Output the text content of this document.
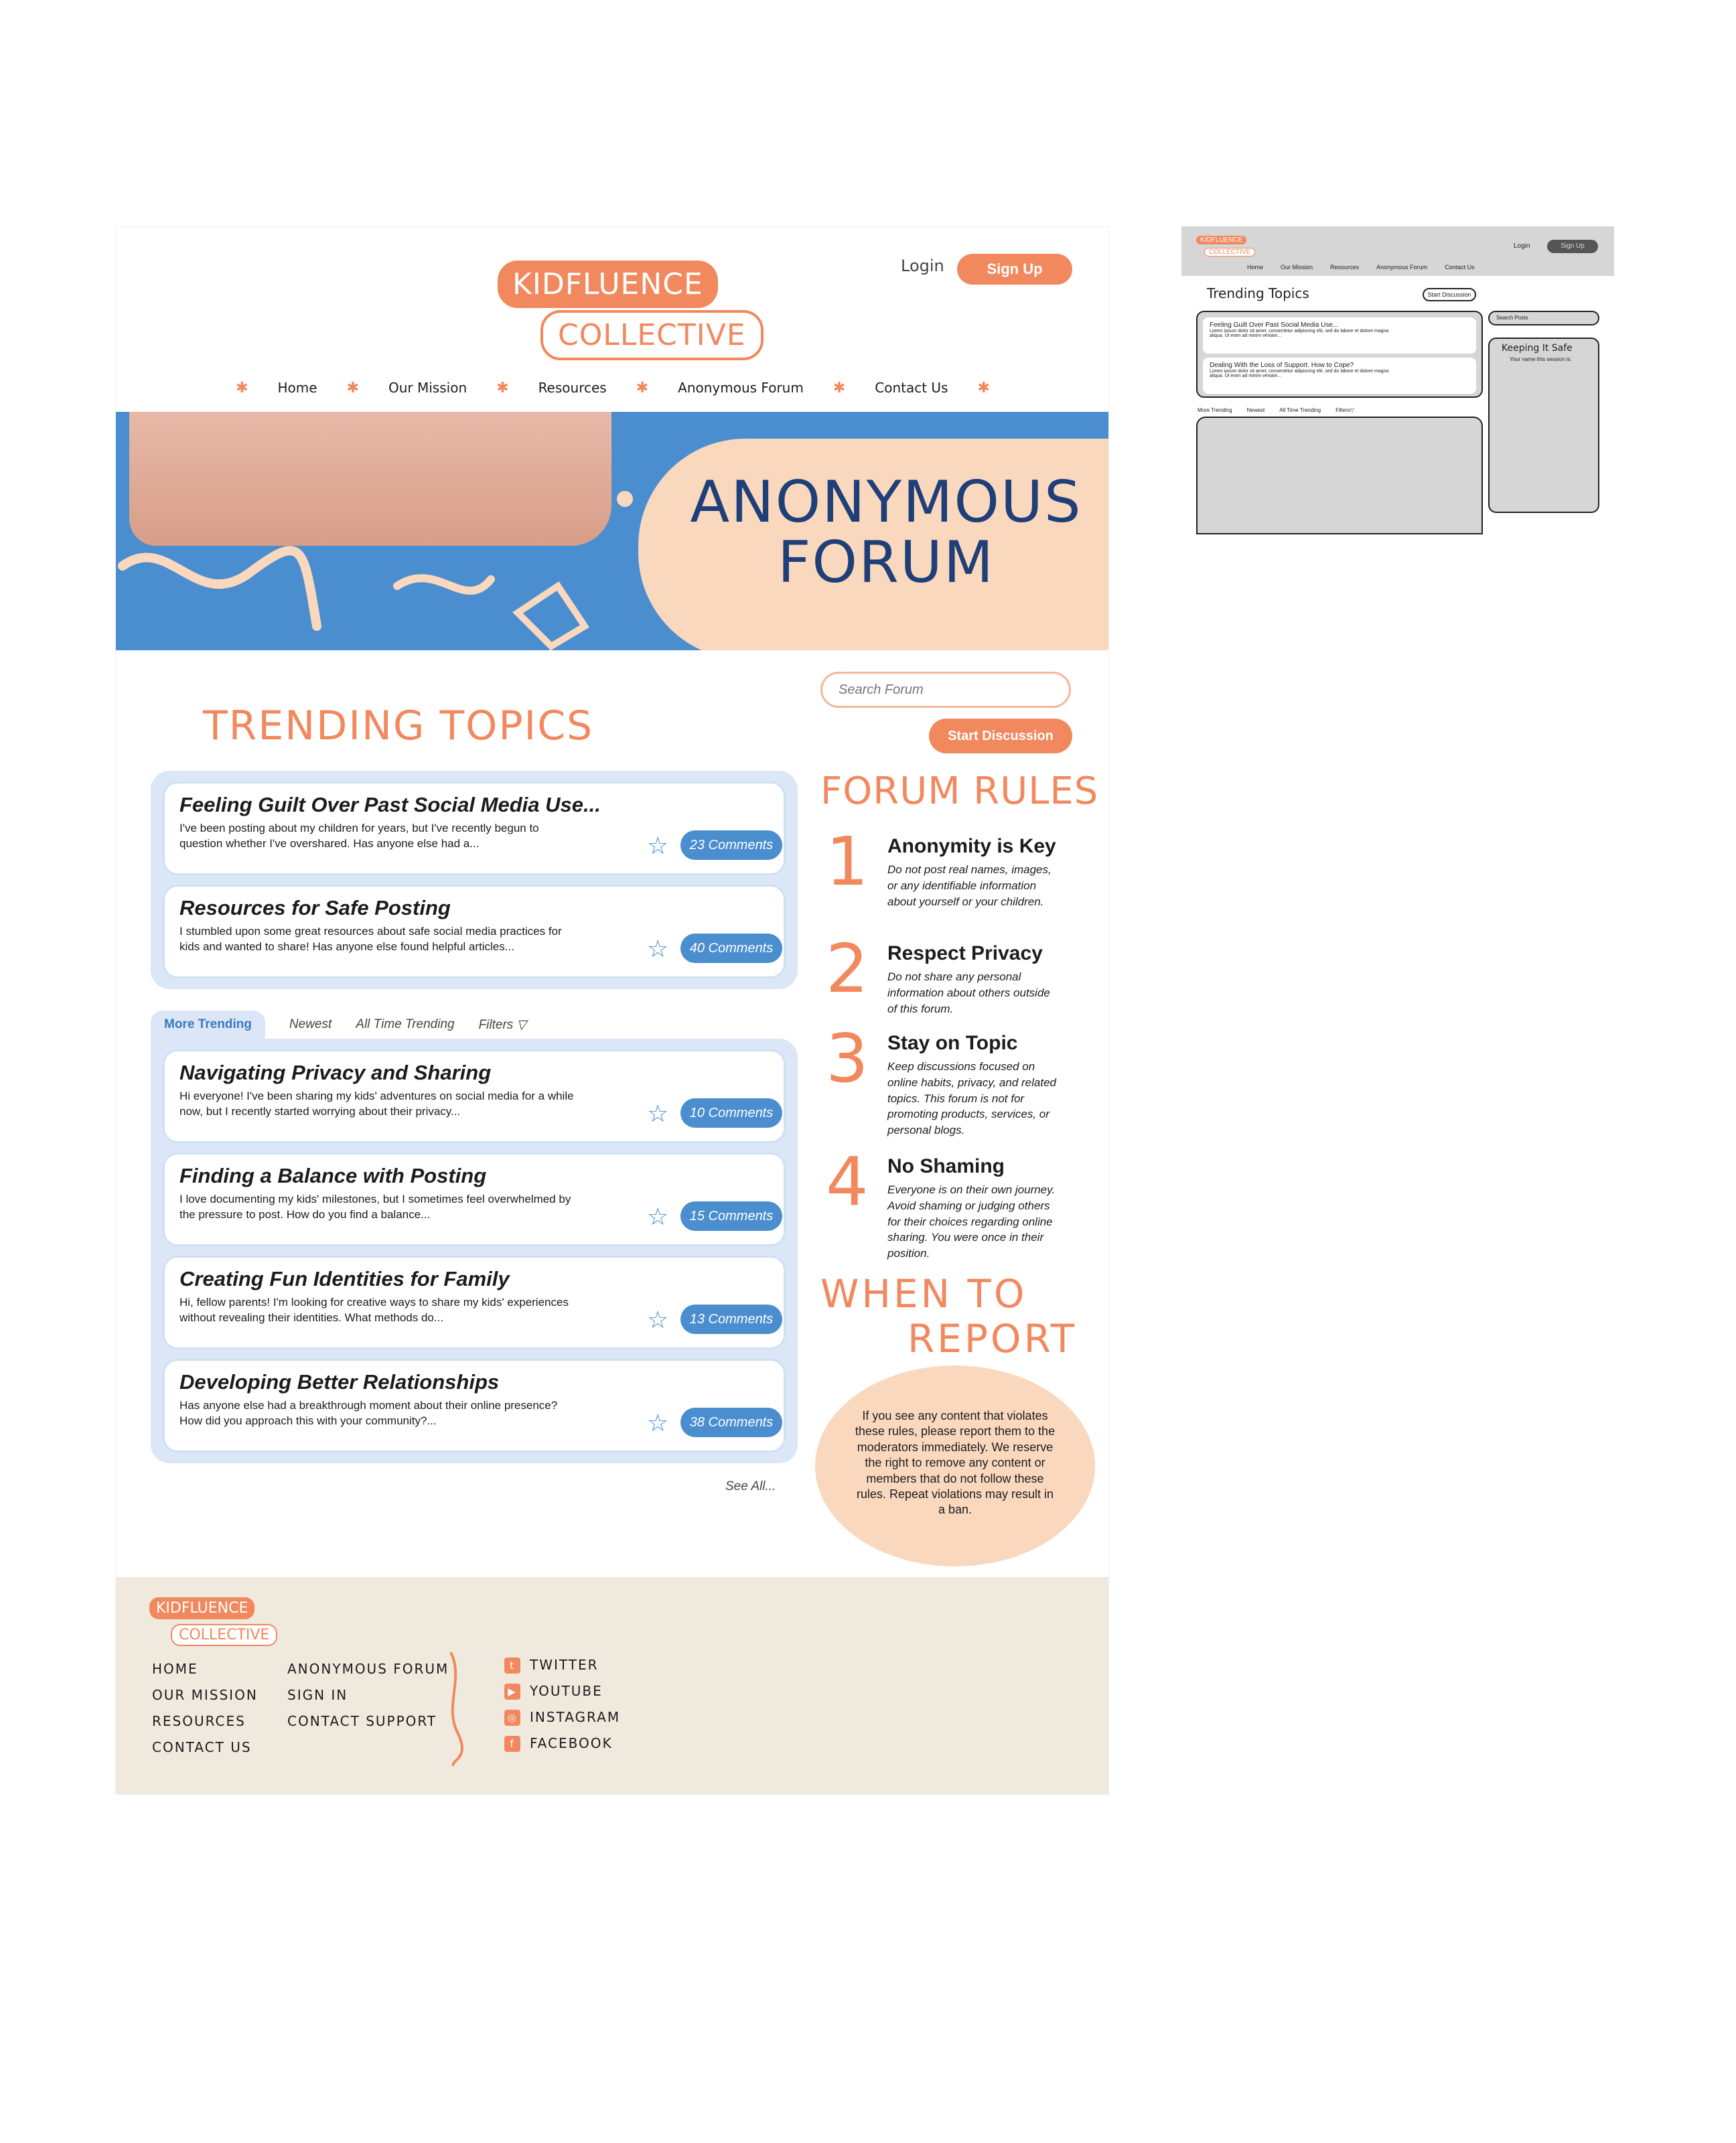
KIDFLUENCE
COLLECTIVE
Login	Sign Up
✱ Home ✱ Our Mission ✱ Resources ✱ Anonymous Forum ✱ Contact Us ✱
ANONYMOUS
FORUM
TRENDING TOPICS
Search Forum	Start Discussion
Feeling Guilt Over Past Social Media Use...
I've been posting about my children for years, but I've recently begun to question whether I've overshared. Has anyone else had a...	☆	23 Comments
Resources for Safe Posting
I stumbled upon some great resources about safe social media practices for kids and wanted to share! Has anyone else found helpful articles...	☆	40 Comments
More Trending	Newest All Time Trending Filters ▽
Navigating Privacy and Sharing
Hi everyone! I've been sharing my kids' adventures on social media for a while now, but I recently started worrying about their privacy...	☆	10 Comments
Finding a Balance with Posting
I love documenting my kids' milestones, but I sometimes feel overwhelmed by the pressure to post. How do you find a balance...	☆	15 Comments
Creating Fun Identities for Family
Hi, fellow parents! I'm looking for creative ways to share my kids' experiences without revealing their identities. What methods do...	☆	13 Comments
Developing Better Relationships
Has anyone else had a breakthrough moment about their online presence? How did you approach this with your community?...	☆	38 Comments
See All...
FORUM RULES
1 Anonymity is Key
Do not post real names, images, or any identifiable information about yourself or your children.
2 Respect Privacy
Do not share any personal information about others outside of this forum.
3 Stay on Topic
Keep discussions focused on online habits, privacy, and related topics. This forum is not for promoting products, services, or personal blogs.
4 No Shaming
Everyone is on their own journey. Avoid shaming or judging others for their choices regarding online sharing. You were once in their position.
WHEN TO
REPORT
If you see any content that violates these rules, please report them to the moderators immediately. We reserve the right to remove any content or members that do not follow these rules. Repeat violations may result in a ban.
KIDFLUENCE
COLLECTIVE
HOME
OUR MISSION
RESOURCES
CONTACT US
ANONYMOUS FORUM
SIGN IN
CONTACT SUPPORT
t	TWITTER
▶ YOUTUBE
◎ INSTAGRAM
f	FACEBOOK
KIDFLUENCE
COLLECTIVE
Login	Sign Up
Home	Our Mission	Resources	Anonymous Forum	Contact Us
Trending Topics	Start Discussion
Search Posts
Feeling Guilt Over Past Social Media Use...
Lorem ipsum dolor sit amet, consectetur adipiscing elit, sed do labore et dolore magna aliqua. Ut enim ad minim veniam...
Dealing With the Loss of Support. How to Cope?
Lorem ipsum dolor sit amet, consectetur adipiscing elit, sed do labore et dolore magna aliqua. Ut enim ad minim veniam...
Keeping It Safe
Your name this session is:
More Trending	Newest	All Time Trending	Filters▽
